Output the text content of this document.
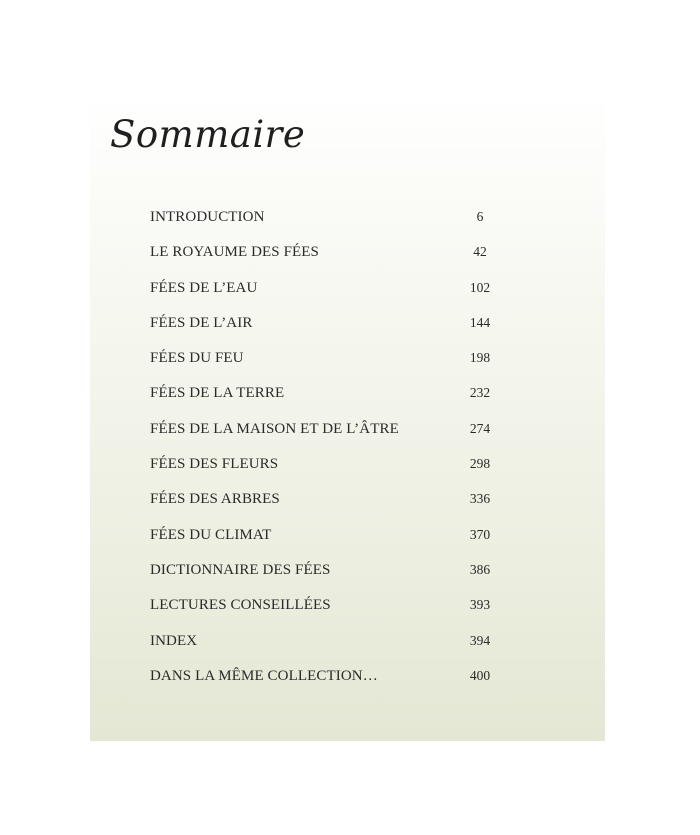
Sommaire
INTRODUCTION	6
LE ROYAUME DES FÉES	42
FÉES DE L’EAU	102
FÉES DE L’AIR	144
FÉES DU FEU	198
FÉES DE LA TERRE	232
FÉES DE LA MAISON ET DE L’ÂTRE	274
FÉES DES FLEURS	298
FÉES DES ARBRES	336
FÉES DU CLIMAT	370
DICTIONNAIRE DES FÉES	386
LECTURES CONSEILLÉES	393
INDEX	394
DANS LA MÊME COLLECTION…	400
